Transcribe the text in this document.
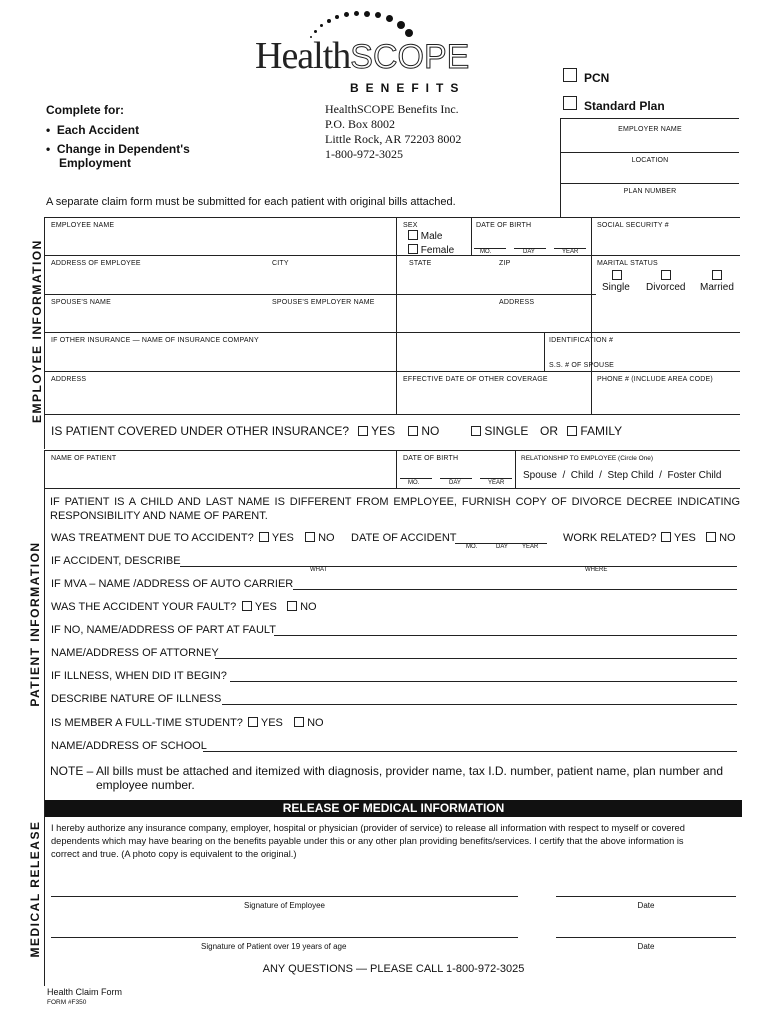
HealthSCOPE
BENEFITS
PCN
Standard Plan
EMPLOYER NAME
LOCATION
PLAN NUMBER
Complete for:
• Each Accident
• Change in Dependent's
Employment
HealthSCOPE Benefits Inc.
P.O. Box 8002
Little Rock, AR 72203 8002
1-800-972-3025
A separate claim form must be submitted for each patient with original bills attached.
EMPLOYEE INFORMATION
EMPLOYEE NAME	SEX
Male
Female
DATE OF BIRTH
MO.	DAY	YEAR
SOCIAL SECURITY #
ADDRESS OF EMPLOYEE	CITY	STATE	ZIP	MARITAL STATUS
Single Divorced Married
SPOUSE'S NAME	SPOUSE'S EMPLOYER NAME	ADDRESS
IF OTHER INSURANCE — NAME OF INSURANCE COMPANY	IDENTIFICATION #
S.S. # OF SPOUSE
ADDRESS	EFFECTIVE DATE OF OTHER COVERAGE	PHONE # (INCLUDE AREA CODE)
IS PATIENT COVERED UNDER OTHER INSURANCE?	YES	NO	SINGLE OR	FAMILY
PATIENT INFORMATION
NAME OF PATIENT	DATE OF BIRTH
MO.	DAY	YEAR
RELATIONSHIP TO EMPLOYEE (Circle One)
Spouse  /  Child  /  Step Child  /  Foster Child
IF PATIENT IS A CHILD AND LAST NAME IS DIFFERENT FROM EMPLOYEE, FURNISH COPY OF DIVORCE DECREE INDICATING
RESPONSIBILITY AND NAME OF PARENT.
WAS TREATMENT DUE TO ACCIDENT?	YES	NO DATE OF ACCIDENT
MO.	DAY YEAR
WORK RELATED?	YES	NO
IF ACCIDENT, DESCRIBE
WHAT	WHERE
IF MVA – NAME /ADDRESS OF AUTO CARRIER
WAS THE ACCIDENT YOUR FAULT?	YES	NO
IF NO, NAME/ADDRESS OF PART AT FAULT
NAME/ADDRESS OF ATTORNEY
IF ILLNESS, WHEN DID IT BEGIN?
DESCRIBE NATURE OF ILLNESS
IS MEMBER A FULL-TIME STUDENT?	YES	NO
NAME/ADDRESS OF SCHOOL
NOTE – All bills must be attached and itemized with diagnosis, provider name, tax I.D. number, patient name, plan number and
employee number.
MEDICAL RELEASE
RELEASE OF MEDICAL INFORMATION
I hereby authorize any insurance company, employer, hospital or physician (provider of service) to release all information with respect to myself or covered
dependents which may have bearing on the benefits payable under this or any other plan providing benefits/services. I certify that the above information is
correct and true. (A photo copy is equivalent to the original.)
Signature of Employee	Date
Signature of Patient over 19 years of age	Date
ANY QUESTIONS — PLEASE CALL 1-800-972-3025
Health Claim Form
FORM #F350
